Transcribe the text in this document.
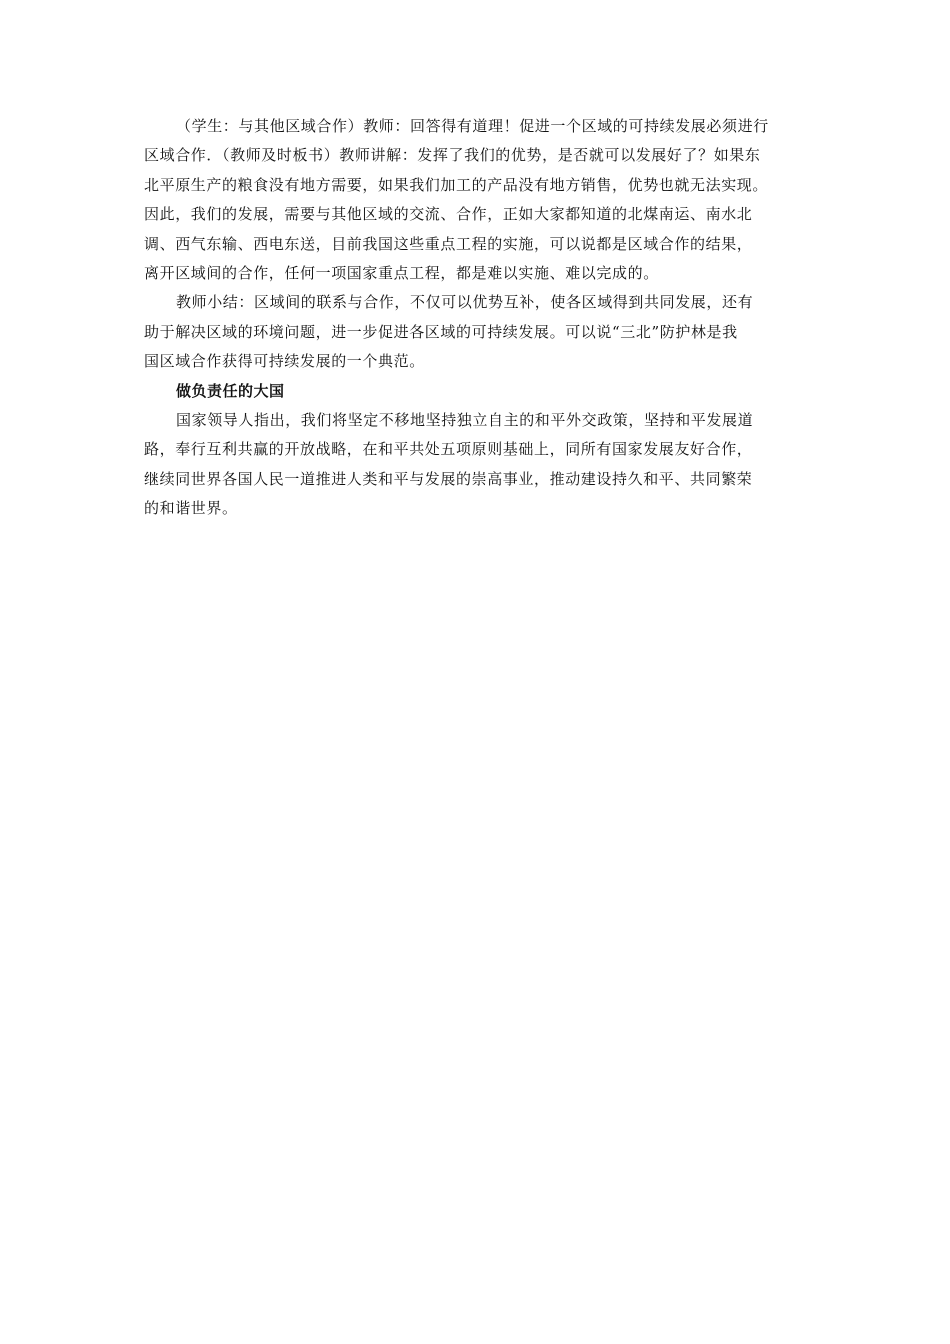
（学生：与其他区域合作）教师：回答得有道理！促进一个区域的可持续发展必须进行
区域合作．（教师及时板书）教师讲解：发挥了我们的优势，是否就可以发展好了？如果东
北平原生产的粮食没有地方需要，如果我们加工的产品没有地方销售，优势也就无法实现。
因此，我们的发展，需要与其他区域的交流、合作，正如大家都知道的北煤南运、南水北
调、西气东输、西电东送，目前我国这些重点工程的实施，可以说都是区域合作的结果，
离开区域间的合作，任何一项国家重点工程，都是难以实施、难以完成的。
教师小结：区域间的联系与合作，不仅可以优势互补，使各区域得到共同发展，还有
助于解决区域的环境问题，进一步促进各区域的可持续发展。可以说“三北”防护林是我
国区域合作获得可持续发展的一个典范。
做负责任的大国
国家领导人指出，我们将坚定不移地坚持独立自主的和平外交政策，坚持和平发展道
路，奉行互利共赢的开放战略，在和平共处五项原则基础上，同所有国家发展友好合作，
继续同世界各国人民一道推进人类和平与发展的崇高事业，推动建设持久和平、共同繁荣
的和谐世界。
